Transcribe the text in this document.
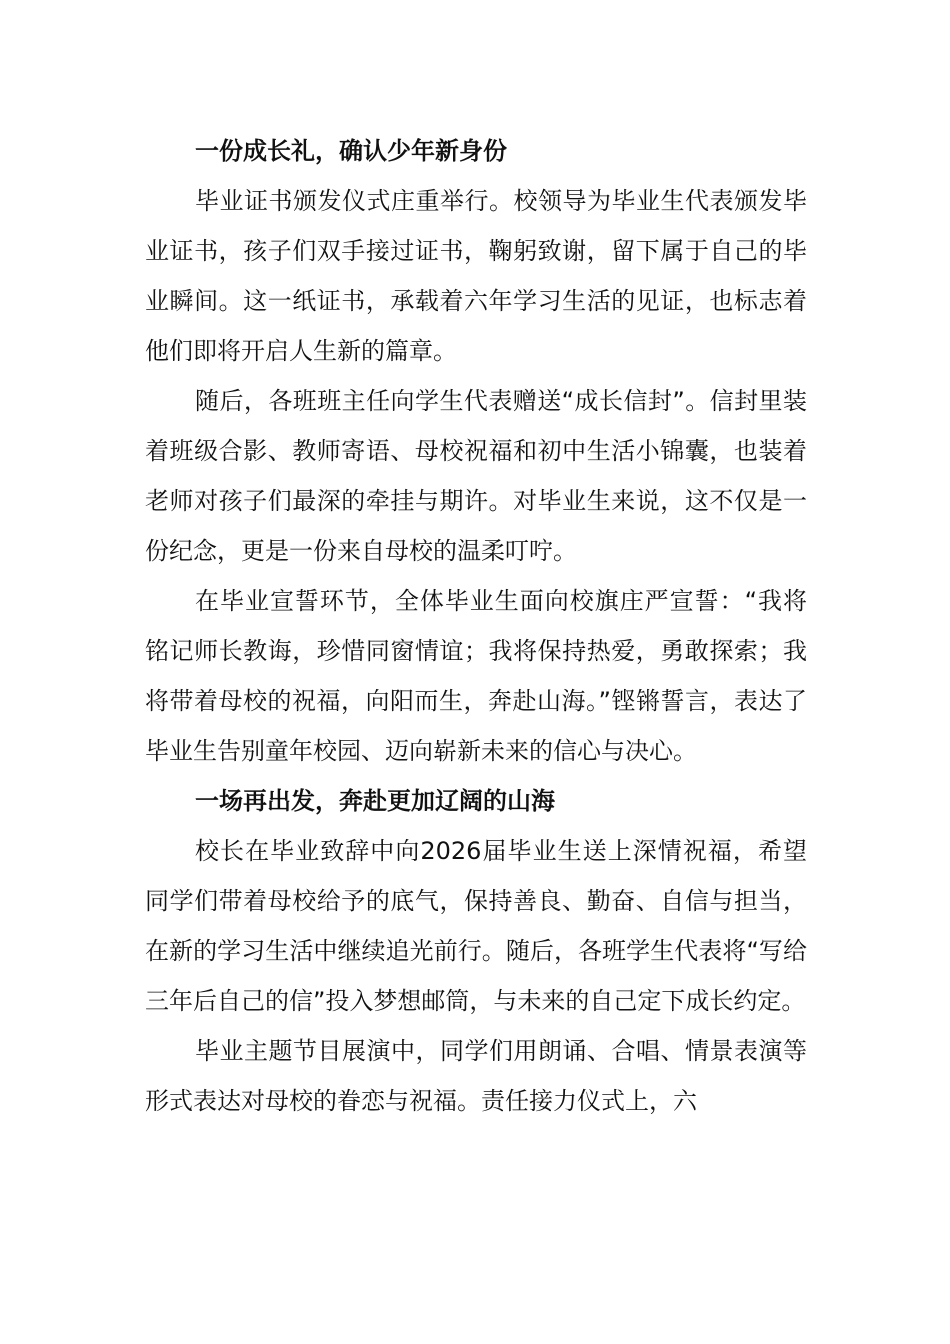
一份成长礼，确认少年新身份

毕业证书颁发仪式庄重举行。校领导为毕业生代表颁发毕业证书，孩子们双手接过证书，鞠躬致谢，留下属于自己的毕业瞬间。这一纸证书，承载着六年学习生活的见证，也标志着他们即将开启人生新的篇章。

随后，各班班主任向学生代表赠送“成长信封”。信封里装着班级合影、教师寄语、母校祝福和初中生活小锦囊，也装着老师对孩子们最深的牵挂与期许。对毕业生来说，这不仅是一份纪念，更是一份来自母校的温柔叮咛。

在毕业宣誓环节，全体毕业生面向校旗庄严宣誓：“我将铭记师长教诲，珍惜同窗情谊；我将保持热爱，勇敢探索；我将带着母校的祝福，向阳而生，奔赴山海。”铿锵誓言，表达了毕业生告别童年校园、迈向崭新未来的信心与决心。

一场再出发，奔赴更加辽阔的山海

校长在毕业致辞中向2026届毕业生送上深情祝福，希望同学们带着母校给予的底气，保持善良、勤奋、自信与担当，在新的学习生活中继续追光前行。随后，各班学生代表将“写给三年后自己的信”投入梦想邮筒，与未来的自己定下成长约定。

毕业主题节目展演中，同学们用朗诵、合唱、情景表演等形式表达对母校的眷恋与祝福。责任接力仪式上，六
